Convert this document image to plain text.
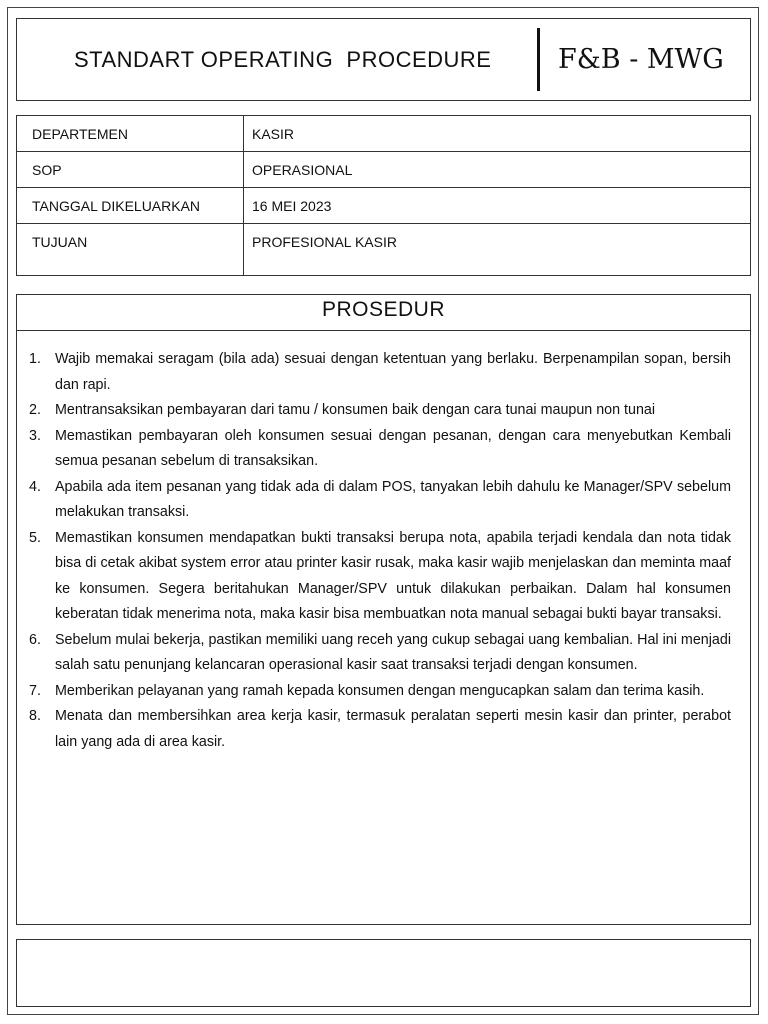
STANDART OPERATING  PROCEDURE F&B - MWG
DEPARTEMEN	KASIR
SOP	OPERASIONAL
TANGGAL DIKELUARKAN	16 MEI 2023
TUJUAN	PROFESIONAL KASIR
PROSEDUR
1. Wajib memakai seragam (bila ada) sesuai dengan ketentuan yang berlaku. Berpenampilan sopan, bersih dan rapi.
2. Mentransaksikan pembayaran dari tamu / konsumen baik dengan cara tunai maupun non tunai
3. Memastikan pembayaran oleh konsumen sesuai dengan pesanan, dengan cara menyebutkan Kembali semua pesanan sebelum di transaksikan.
4. Apabila ada item pesanan yang tidak ada di dalam POS, tanyakan lebih dahulu ke Manager/SPV sebelum melakukan transaksi.
5. Memastikan konsumen mendapatkan bukti transaksi berupa nota, apabila terjadi kendala dan nota tidak bisa di cetak akibat system error atau printer kasir rusak, maka kasir wajib menjelaskan dan meminta maaf ke konsumen. Segera beritahukan Manager/SPV untuk dilakukan perbaikan. Dalam hal konsumen keberatan tidak menerima nota, maka kasir bisa membuatkan nota manual sebagai bukti bayar transaksi.
6. Sebelum mulai bekerja, pastikan memiliki uang receh yang cukup sebagai uang kembalian. Hal ini menjadi salah satu penunjang kelancaran operasional kasir saat transaksi terjadi dengan konsumen.
7. Memberikan pelayanan yang ramah kepada konsumen dengan mengucapkan salam dan terima kasih.
8. Menata dan membersihkan area kerja kasir, termasuk peralatan seperti mesin kasir dan printer, perabot lain yang ada di area kasir.
